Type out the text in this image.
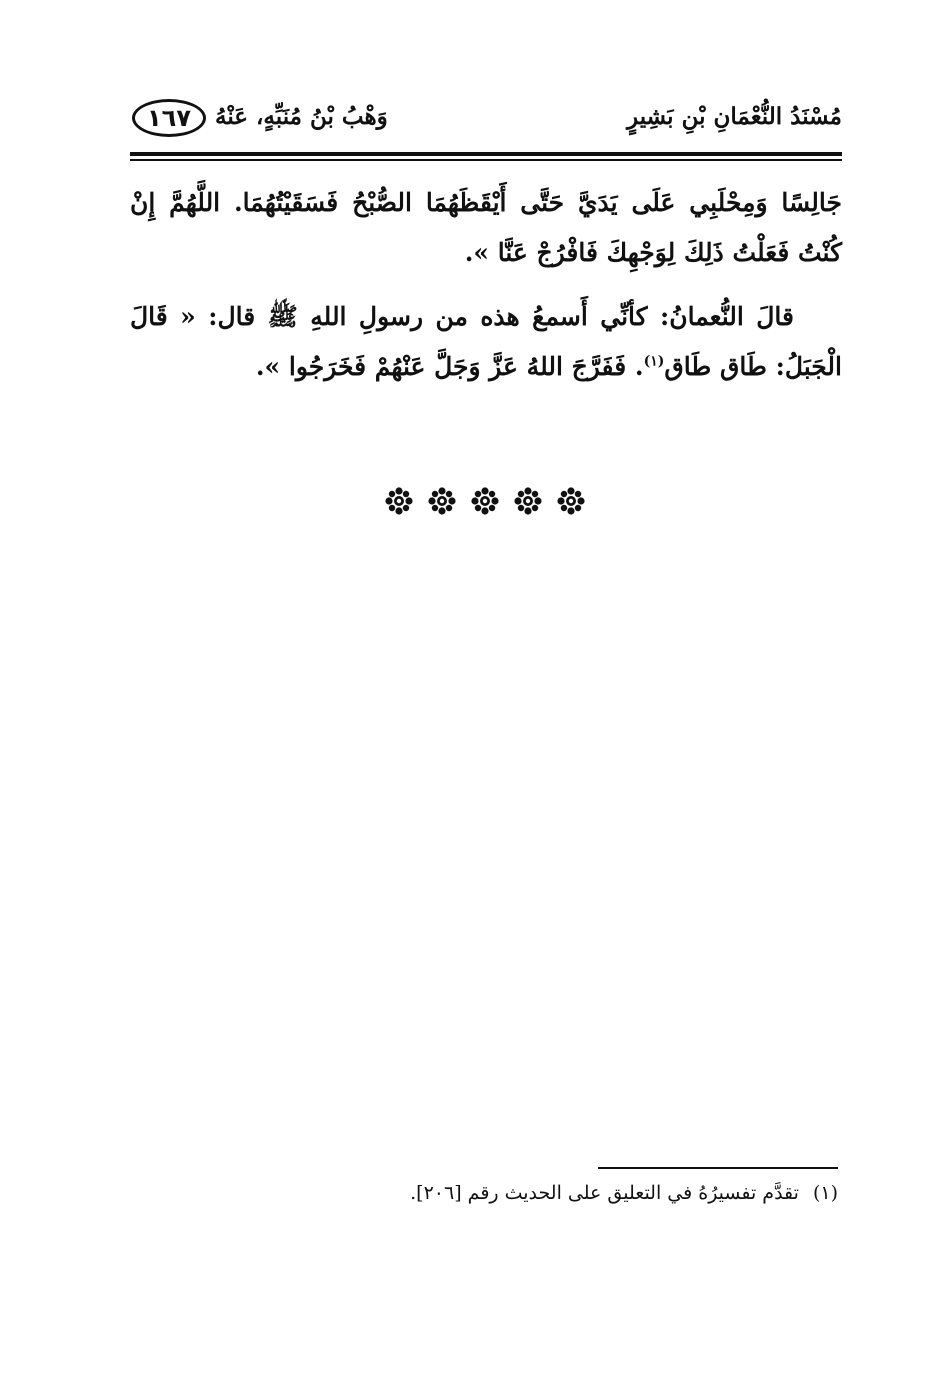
مُسْنَدُ النُّعْمَانِ بْنِ بَشِيرٍ
وَهْبُ بْنُ مُنَبِّهٍ، عَنْهُ
١٦٧

جَالِسًا وَمِحْلَبِي عَلَى يَدَيَّ حَتَّى أَيْقَظَهُمَا الصُّبْحُ فَسَقَيْتُهُمَا. اللَّهُمَّ إِنْ كُنْتُ فَعَلْتُ ذَلِكَ لِوَجْهِكَ فَافْرُجْ عَنَّا ».

قالَ النُّعمانُ: كأنِّي أَسمعُ هذه من رسولِ اللهِ ﷺ قال: « قَالَ الْجَبَلُ: طَاق طَاق$^{(١)}$. فَفَرَّجَ اللهُ عَزَّ وَجَلَّ عَنْهُمْ فَخَرَجُوا ».

(١)تقدَّم تفسيرُهُ في التعليق على الحديث رقم [٢٠٦].
